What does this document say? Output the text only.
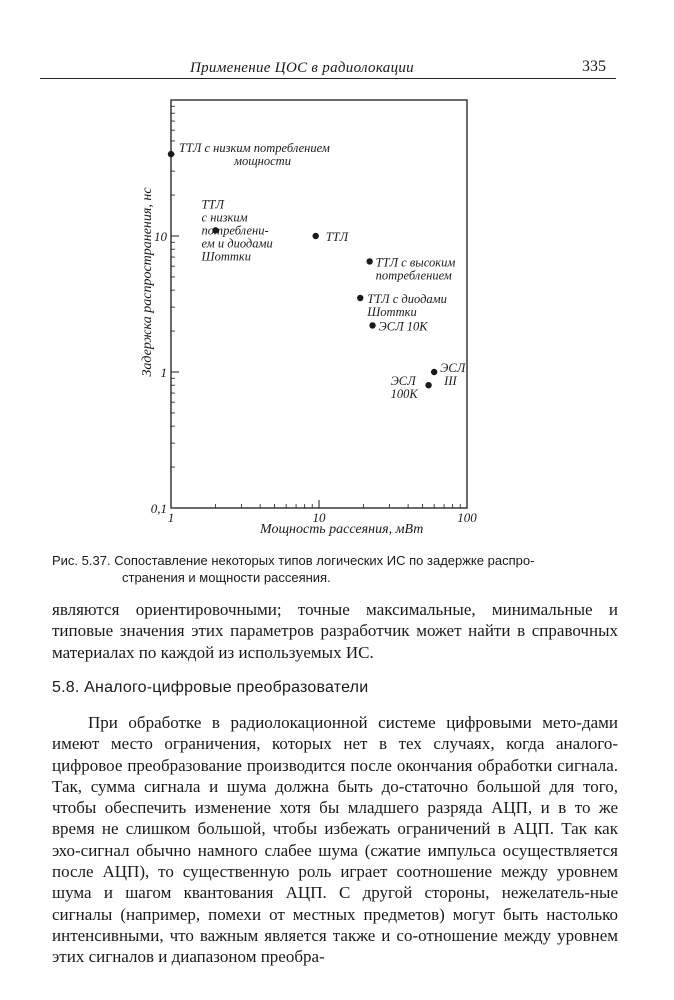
Применение ЦОС в радиолокации	335
1	10	100
0,1
1
10
ТТЛ с низким потреблением мощности
ТТЛ с низким потреблени-ем и диодами Шоттки
ТТЛ
ТТЛ с высоким потреблением
ТТЛ с диодами Шоттки
ЭСЛ 10К
ЭСЛ III
ЭСЛ 100К
Мощность рассеяния, мВт
Задержка распространения, нс
Рис. 5.37. Сопоставление некоторых типов логических ИС по задержке распро-
странения и мощности рассеяния.

являются ориентировочными; точные максимальные, минимальные и типовые значения этих параметров разработчик может найти в справочных материалах по каждой из используемых ИС.

5.8. Аналого-цифровые преобразователи

При обработке в радиолокационной системе цифровыми мето-дами имеют место ограничения, которых нет в тех случаях, когда аналого-цифровое преобразование производится после окончания обработки сигнала. Так, сумма сигнала и шума должна быть до-статочно большой для того, чтобы обеспечить изменение хотя бы младшего разряда АЦП, и в то же время не слишком большой, чтобы избежать ограничений в АЦП. Так как эхо-сигнал обычно намного слабее шума (сжатие импульса осуществляется после АЦП), то существенную роль играет соотношение между уровнем шума и шагом квантования АЦП. С другой стороны, нежелатель-ные сигналы (например, помехи от местных предметов) могут быть настолько интенсивными, что важным является также и со-отношение между уровнем этих сигналов и диапазоном преобра-
